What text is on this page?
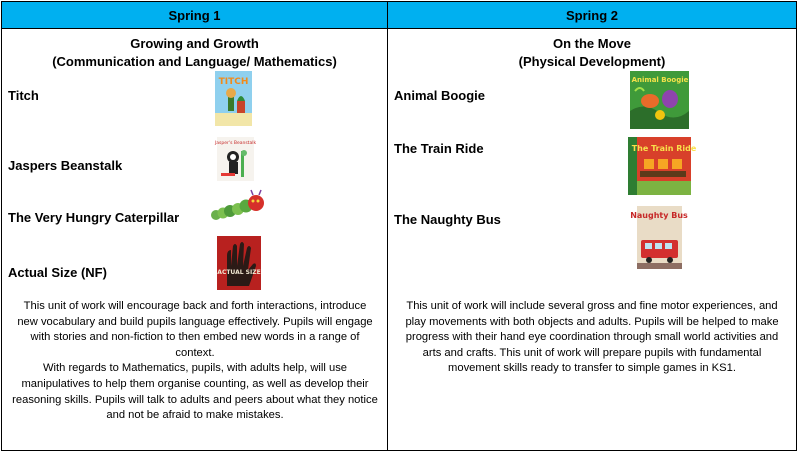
Spring 1
Growing and Growth
(Communication and Language/ Mathematics)
Titch
TITCH
Jaspers Beanstalk
Jasper's Beanstalk
The Very Hungry Caterpillar
Actual Size (NF)	ACTUAL SIZE

This unit of work will encourage back and forth interactions, introduce new vocabulary and build pupils language effectively. Pupils will engage with stories and non-fiction to then embed new words in a range of context.

With regards to Mathematics, pupils, with adults help, will use manipulatives to help them organise counting, as well as develop their reasoning skills. Pupils will talk to adults and peers about what they notice and not be afraid to make mistakes.

Spring 2
On the Move
(Physical Development)
Animal Boogie
Animal Boogie
The Train Ride	The Train Ride
The Naughty Bus	Naughty Bus

This unit of work will include several gross and fine motor experiences, and play movements with both objects and adults. Pupils will be helped to make progress with their hand eye coordination through small world activities and arts and crafts. This unit of work will prepare pupils with fundamental movement skills ready to transfer to simple games in KS1.
